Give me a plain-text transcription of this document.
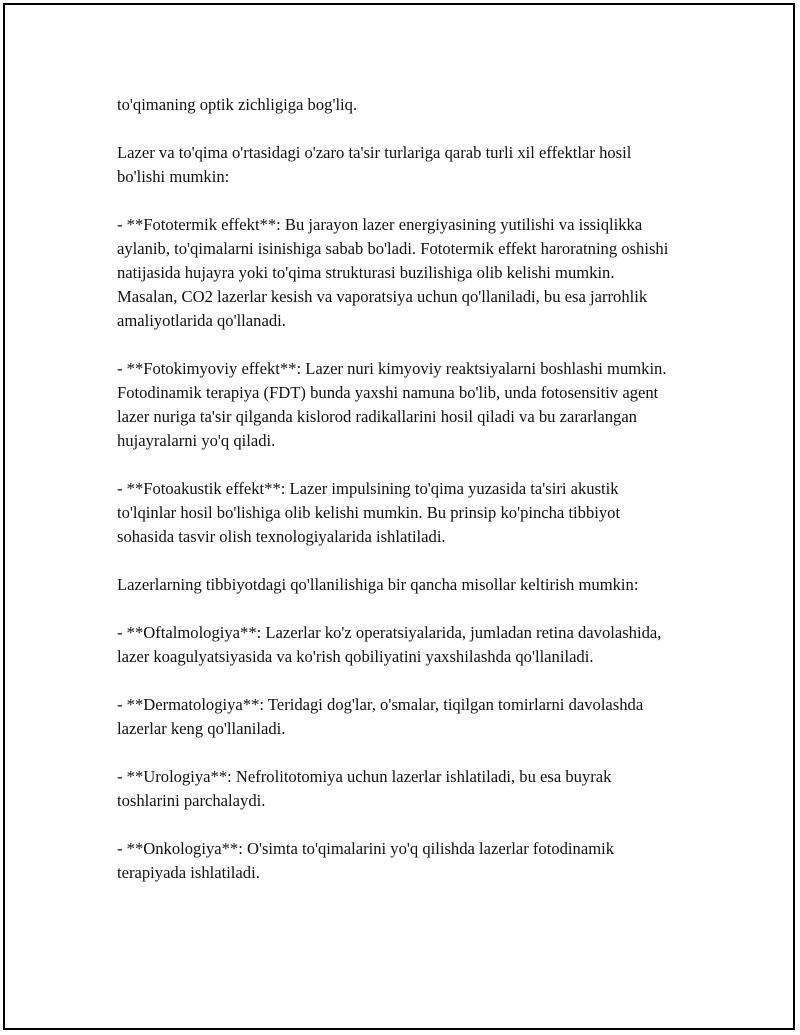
to'qimaning optik zichligiga bog'liq.

Lazer va to'qima o'rtasidagi o'zaro ta'sir turlariga qarab turli xil effektlar hosil bo'lishi mumkin:

- **Fototermik effekt**: Bu jarayon lazer energiyasining yutilishi va issiqlikka aylanib, to'qimalarni isinishiga sabab bo'ladi. Fototermik effekt haroratning oshishi natijasida hujayra yoki to'qima strukturasi buzilishiga olib kelishi mumkin. Masalan, CO2 lazerlar kesish va vaporatsiya uchun qo'llaniladi, bu esa jarrohlik amaliyotlarida qo'llanadi.

- **Fotokimyoviy effekt**: Lazer nuri kimyoviy reaktsiyalarni boshlashi mumkin. Fotodinamik terapiya (FDT) bunda yaxshi namuna bo'lib, unda fotosensitiv agent lazer nuriga ta'sir qilganda kislorod radikallarini hosil qiladi va bu zararlangan hujayralarni yo'q qiladi.

- **Fotoakustik effekt**: Lazer impulsining to'qima yuzasida ta'siri akustik to'lqinlar hosil bo'lishiga olib kelishi mumkin. Bu prinsip ko'pincha tibbiyot sohasida tasvir olish texnologiyalarida ishlatiladi.

Lazerlarning tibbiyotdagi qo'llanilishiga bir qancha misollar keltirish mumkin:

- **Oftalmologiya**: Lazerlar ko'z operatsiyalarida, jumladan retina davolashida, lazer koagulyatsiyasida va ko'rish qobiliyatini yaxshilashda qo'llaniladi.

- **Dermatologiya**: Teridagi dog'lar, o'smalar, tiqilgan tomirlarni davolashda lazerlar keng qo'llaniladi.

- **Urologiya**: Nefrolitotomiya uchun lazerlar ishlatiladi, bu esa buyrak toshlarini parchalaydi.

- **Onkologiya**: O'simta to'qimalarini yo'q qilishda lazerlar fotodinamik terapiyada ishlatiladi.
